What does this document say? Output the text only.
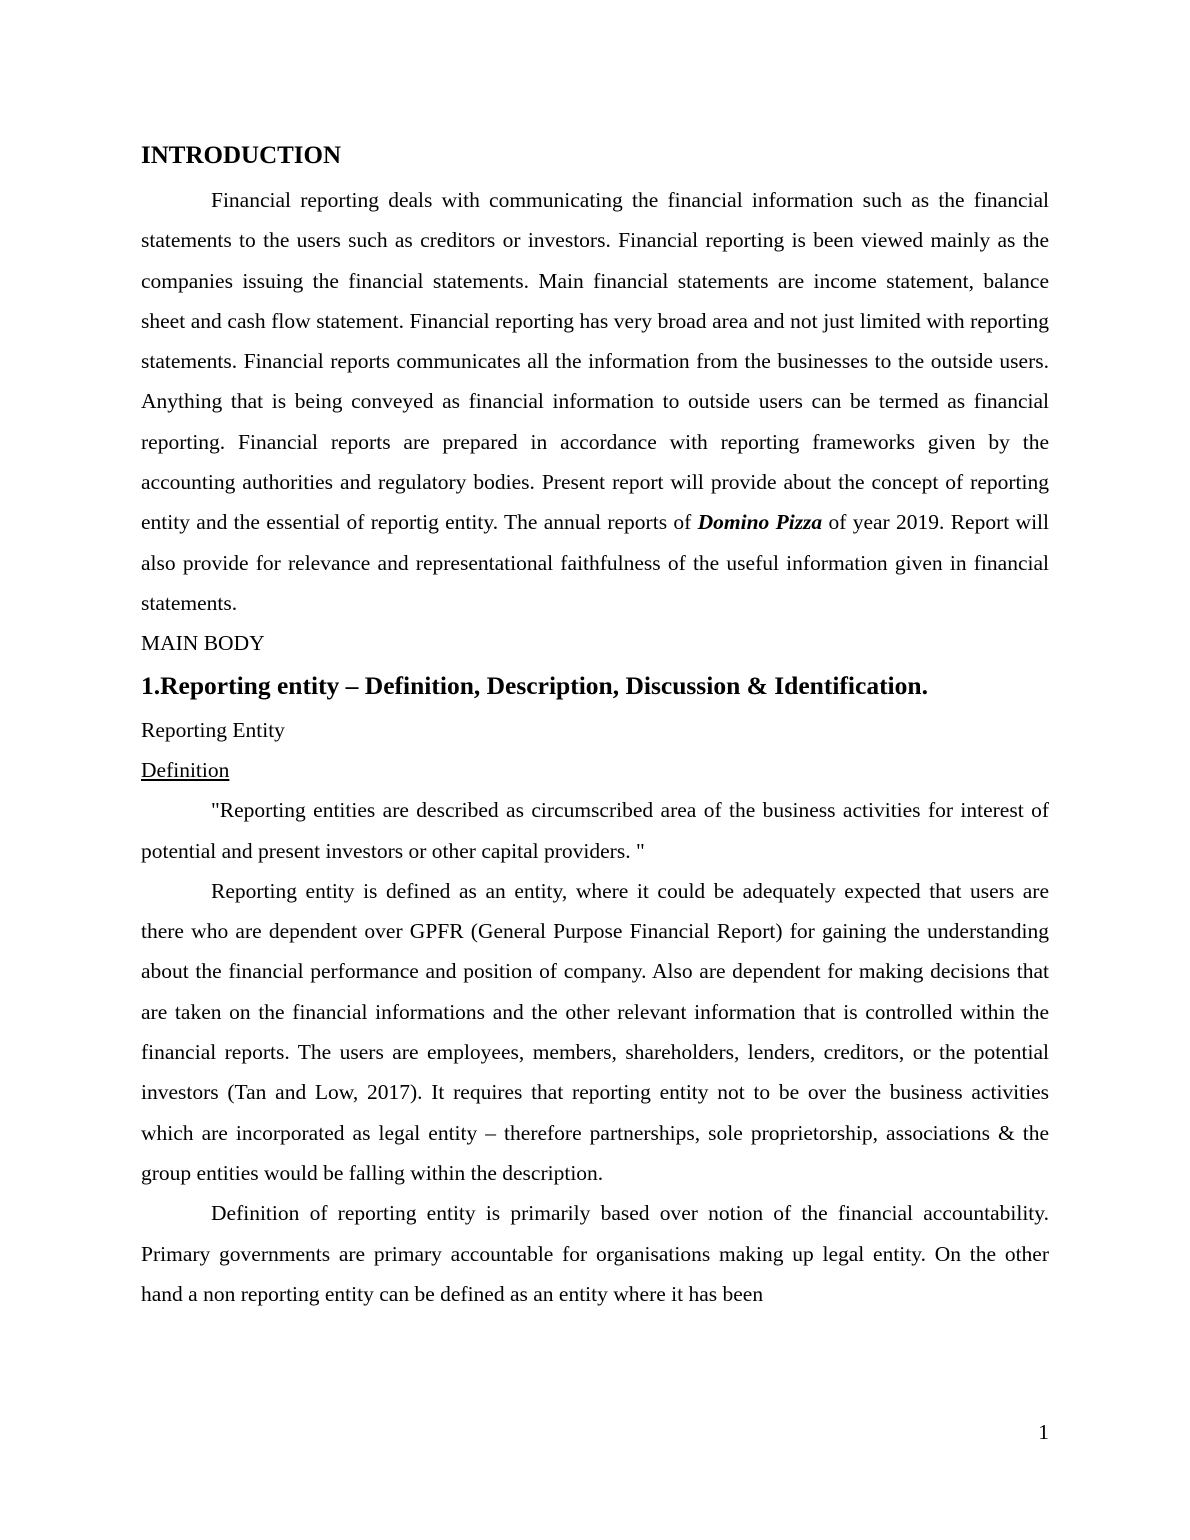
INTRODUCTION

Financial reporting deals with communicating the financial information such as the financial statements to the users such as creditors or investors. Financial reporting is been viewed mainly as the companies issuing the financial statements. Main financial statements are income statement, balance sheet and cash flow statement. Financial reporting has very broad area and not just limited with reporting statements. Financial reports communicates all the information from the businesses to the outside users. Anything that is being conveyed as financial information to outside users can be termed as financial reporting. Financial reports are prepared in accordance with reporting frameworks given by the accounting authorities and regulatory bodies. Present report will provide about the concept of reporting entity and the essential of reportig entity. The annual reports of Domino Pizza of year 2019. Report will also provide for relevance and representational faithfulness of the useful information given in financial statements.

MAIN BODY

1.Reporting entity – Definition, Description, Discussion & Identification.

Reporting Entity

Definition

"Reporting entities are described as circumscribed area of the business activities for interest of potential and present investors or other capital providers. "

Reporting entity is defined as an entity, where it could be adequately expected that users are there who are dependent over GPFR (General Purpose Financial Report) for gaining the understanding about the financial performance and position of company. Also are dependent for making decisions that are taken on the financial informations and the other relevant information that is controlled within the financial reports. The users are employees, members, shareholders, lenders, creditors, or the potential investors (Tan and Low, 2017). It requires that reporting entity not to be over the business activities which are incorporated as legal entity – therefore partnerships, sole proprietorship, associations & the group entities would be falling within the description.

Definition of reporting entity is primarily based over notion of the financial accountability. Primary governments are primary accountable for organisations making up legal entity. On the other hand a non reporting entity can be defined as an entity where it has been

1
